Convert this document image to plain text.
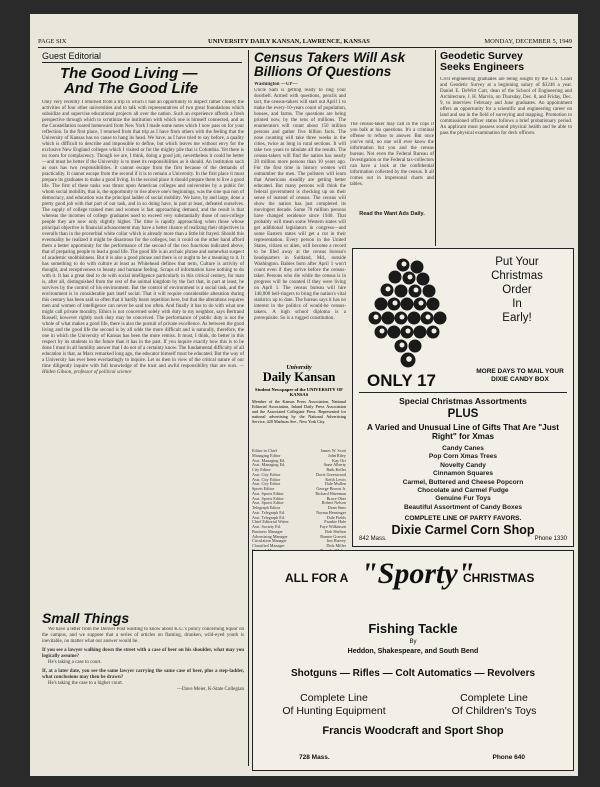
PAGE SIX	UNIVERSITY DAILY KANSAN, LAWRENCE, KANSAS	MONDAY, DECEMBER 5, 1949
Guest Editorial
The Good Living —
And The Good Life
Only very recently I returned from a trip in which I had an opportunity to inspect rather closely the activities of four other universities and to talk with representatives of two great foundations which subsidize and supervise educational projects all over the nation. Such an experience affords a fresh perspective through which to scrutinize the institution with which one is himself connected, and as the Constellation roared homeward from New York I made some notes which I now pass on for your reflection. In the first place, I returned from that trip as I have from others with the feeling that the University of Kansas has no cause to hang its head. We have, as I have tried to say before, a quality which is difficult to describe and impossible to define, but which leaves me without envy for the exclusive New England colleges which I visited or for the mighty pile that is Columbia. Yet there is no room for complacency. Though we are, I think, doing a good job, nevertheless it could be better—and must be better if the University is to meet its responsibilities as it should. An institution such as ours has two responsibilities. It cannot escape from the first because of the demands of practicality. It cannot escape from the second if it is to remain a University. In the first place it must prepare its graduates to make a good living. In the second place it should prepare them to live a good life. The first of these tasks was thrust upon American colleges and universities by a public for whom social mobility, that is, the opportunity to rise above one's beginnings, was the sine qua non of democracy, and education was the principal ladder of social mobility. We have, by and large, done a pretty good job with that part of our task, and in so doing have, in part at least, defeated ourselves. The supply of college trained men and women is fast approaching demand, and the result is that whereas the incomes of college graduates used to exceed very substantially those of non-college people they are now only slightly higher. The time is rapidly approaching when those whose principal objective is financial advancement may have a better chance of realizing their objectives in overalls than in the proverbial white collar which is already more than a little bit frayed. Should this eventuality be realized it might be disastrous for the colleges, but it could on the other hand afford them a better opportunity for the performance of the second of the two functions indicated above, that of preparing people to lead a good life. The good life is an archaic phrase and somewhat suspect of academic snobbishness. But it is also a good phrase and there is or ought to be a meaning to it. It has something to do with culture at least as Whitehead defines that term, Culture is activity of thought, and receptiveness to beauty and humane feeling. Scraps of information have nothing to do with it. It has a great deal to do with social intelligence particularly in this critical century, for man is, after all, distinguished from the rest of the animal kingdom by the fact that, in part at least, he survives by the control of his environment. But the control of environment is a social task, and the environment is in considerable part itself social. That it will require considerable alteration during this century has been said so often that it hardly bears repetition here, but that the alterations requires men and women of intelligence can never be said too often. And finally it has to do with what one might call private morality. Ethics is not concerned solely with duty to my neighbor, says Bertrand Russell, however rightly such duty may be conceived. The performance of public duty is not the whole of what makes a good life, there is also the pursuit of private excellence. As between the good living and the good life the second is by all odds the more difficult and is naturally, therefore, the one in which the University of Kansas has been the more remiss. It must, I think, do better in this respect by its students in the future than it has in the past. If you inquire exactly how this is to be done I must in all humility answer that I do not of a certainty know. The fundamental difficulty of all education is that, as Marx remarked long ago, the educator himself must be educated. But the way of a University has ever been everlastingly to inquire. Let us then in view of the critical nature of our time diligently inquire with full knowledge of the trust and awful responsibility that are ours. —Hilden Gibson, professor of political science
Small Things

We have a letter from the Denver Post wanting to know about K.U.'s policy concerning liquor on the campus, and we suppose that a series of articles on flaming, drunken, wild-eyed youth is inevitable, no matter what our answer would be.

If you see a lawyer walking down the street with a case of beer on his shoulder, what may you logically assume?

He's taking a case to court.

If, at a later date, you see the same lawyer carrying the same case of beer, plus a step-ladder, what conclusions may then be drawn?

He's taking the case to a higher court.

—Dave Meier, K-State Collegian

Census Takers Will Ask
Billions Of Questions
Washington —UP—
Uncle Sam is getting ready to ring your doorbell. Armed with questions, pencils and tact, the census-takers will start out April 1 to make the every-10-years count of population, houses, and farms. The questions are being printed now, by the tens of millions. The enumerators will count about 150 million persons and gather five billion facts. The nose counting will take three weeks in the cities, twice as long in rural sections. It will take two years to tabulate all the results. The census-takers will find the nation has nearly 20 million more persons than 10 years ago. For the first time in history women will outnumber the men. The pollsters will learn that Americans steadily are getting better educated. But many persons will think the federal government is checking up on their sense of instead of census. The census will show the nation has just completed its movingest decade. Some 70 million persons have changed residence since 1940. That probably will mean some Western states will get additional legislators in congress—and some Eastern states will get a cut in their representation. Every person in the United States, citizen or alien, will become a record to be filed away at the census bureau's headquarters in Suitland, Md., outside Washington. Babies born after April 1 won't count even if they arrive before the census-taker. Persons who die while the census is in progress will be counted if they were living on April 1. The census bureau will hire 140,000 bell-ringers to bring the nation's vital statistics up to date. The bureau says it has no interest in the politics of would-be census-takers. A high school diploma is a prerequisite. So is a rugged constitution.
The census-taker may call in the cops if you balk at his questions. It's a criminal offense to refuse to answer. But once you've told, no one will ever know the information but you and the census bureau. Not even the Federal Bureau of Investigation or the Federal tax-collectors can have a look at the confidential information collected by the census. It all comes out in impersonal charts and tables.
Read the Want Ads Daily.
University
Daily Kansan
Student Newspaper of the UNIVERSITY OF KANSAS
Member of the Kansas Press Association, National Editorial Association, Inland Daily Press Association and the Associated Collegiate Press. Represented for national advertising by the National Advertising Service, 420 Madison Ave., New York City.
Editor in Chief	James W. Scott
Managing Editor	John Riley
Asst. Managing Ed.	Kay Orr
Asst. Managing Ed.	Anne Alberty
City Editor	Ruth Keller
Asst. City Editor	Doris Greenwood
Asst. City Editor	Keith Lewis
Asst. City Editor	Dale Mullen
Sports Editor	George Brown Jr.
Asst. Sports Editor	Richard Hitzeman
Asst. Sports Editor	Bruce Ober
Asst. Sports Editor	Robert Nelson
Telegraph Editor	Dean Sims
Asst. Telegraph Ed.	Norma Hensinger
Asst. Telegraph Ed.	Dale Fields
Chief Editorial Writer	Frankie Hale
Asst. Society Ed.	Faye Wilkinson
Business Manager	Bob Shelton
Advertising Manager	Bonnie Gossett
Circulation Manager	Jim Harvey
Classified Manager	Dick Miller
Geodetic Survey
Seeks Engineers
Civil engineering graduates are being sought by the U.S. Coast and Geodetic Survey at a beginning salary of $3246 a year. Daniel E. DeWitt Carr, dean of the School of Engineering and Architecture, J. H. Marvin, on Thursday, Dec. 8, and Friday, Dec. 9, to interview February and June graduates. An appointment offers an opportunity for a scientific and engineering career on land and sea in the field of surveying and mapping. Promotion to commissioned officer status follows a brief probationary period. An applicant must possess sound physical health and be able to pass the physical examination for deck officers.
Put Your
Christmas
Order
In
Early!
ONLY 17	MORE DAYS TO MAIL YOUR DIXIE CANDY BOX
Special Christmas Assortments
PLUS
A Varied and Unusual Line of Gifts That Are "Just Right" for Xmas
Candy Canes
Pop Corn Xmas Trees
Novelty Candy
Cinnamon Squares
Carmel, Buttered and Cheese Popcorn
Chocolate and Carmel Fudge
Genuine Fur Toys
Beautiful Assortment of Candy Boxes
COMPLETE LINE OF PARTY FAVORS.
Dixie Carmel Corn Shop
842 Mass.	Phone 1330
ALL FOR A "Sporty"
CHRISTMAS
Fishing Tackle
By
Heddon, Shakespeare, and South Bend
Shotguns — Rifles — Colt Automatics — Revolvers
Complete Line
Of Hunting Equipment
Complete Line
Of Children's Toys
Francis Woodcraft and Sport Shop
728 Mass.	Phone 640
